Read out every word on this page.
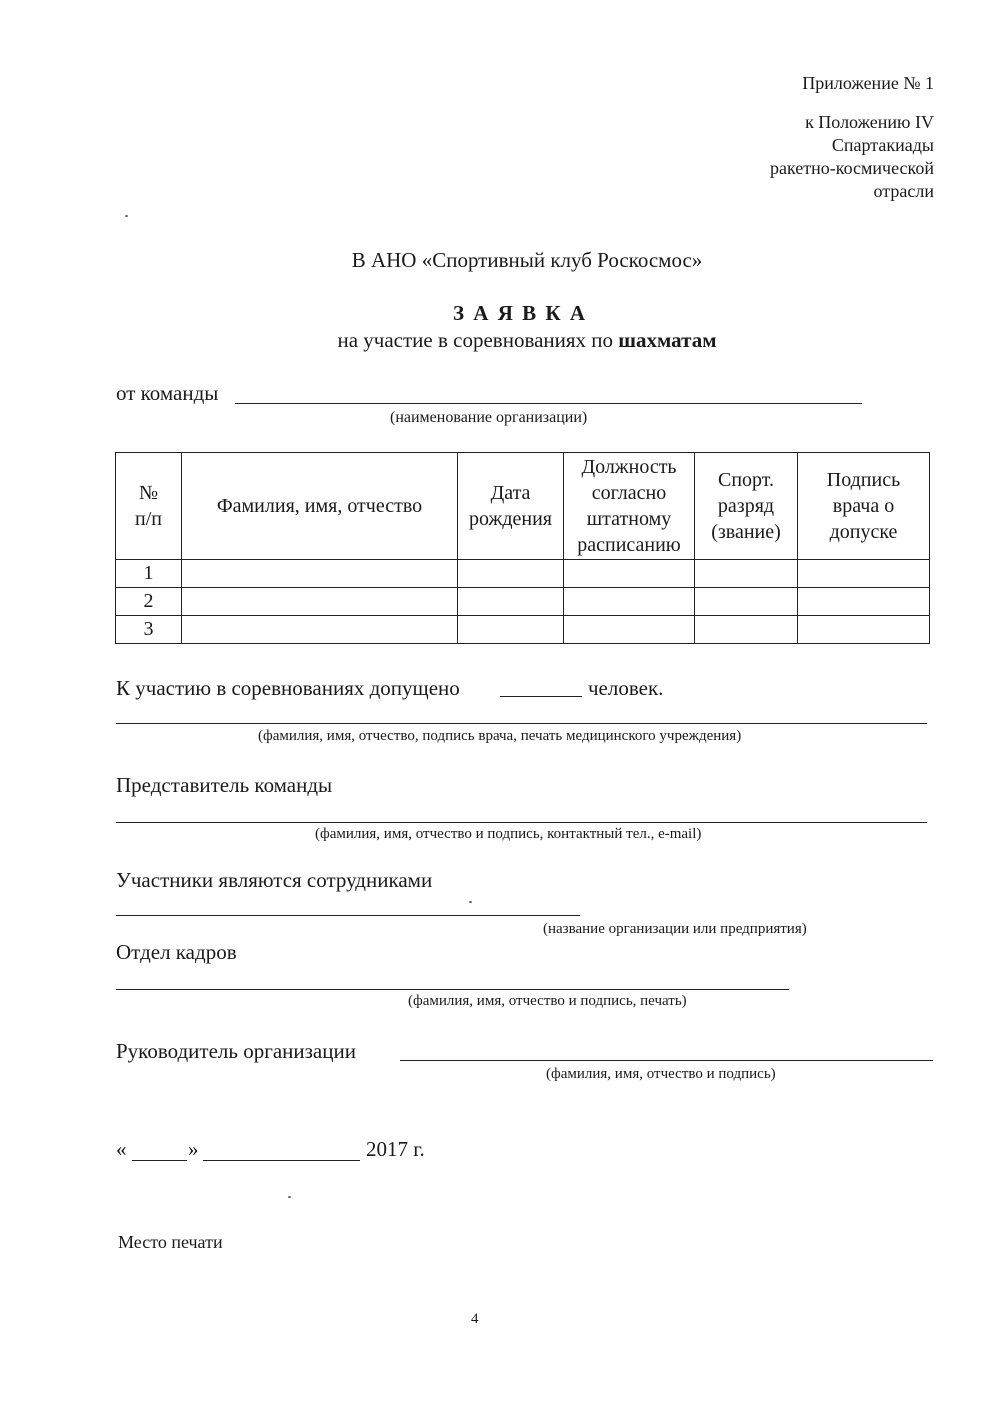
Приложение № 1
к Положению IV
Спартакиады
ракетно-космической
отрасли
В АНО «Спортивный клуб Роскосмос»
З А Я В К А
на участие в соревнованиях по шахматам
от команды
(наименование организации)
№ п/п	Фамилия, имя, отчество	Дата рождения	Должность согласно штатному расписанию	Спорт. разряд (звание)	Подпись врача о допуске
1					
2					
3					
К участию в соревнованиях допущено	человек.
(фамилия, имя, отчество, подпись врача, печать медицинского учреждения)
Представитель команды
(фамилия, имя, отчество и подпись, контактный тел., e-mail)
Участники являются сотрудниками
(название организации или предприятия)
Отдел кадров
(фамилия, имя, отчество и подпись, печать)
Руководитель организации
(фамилия, имя, отчество и подпись)
«	»	2017 г.
Место печати
4
